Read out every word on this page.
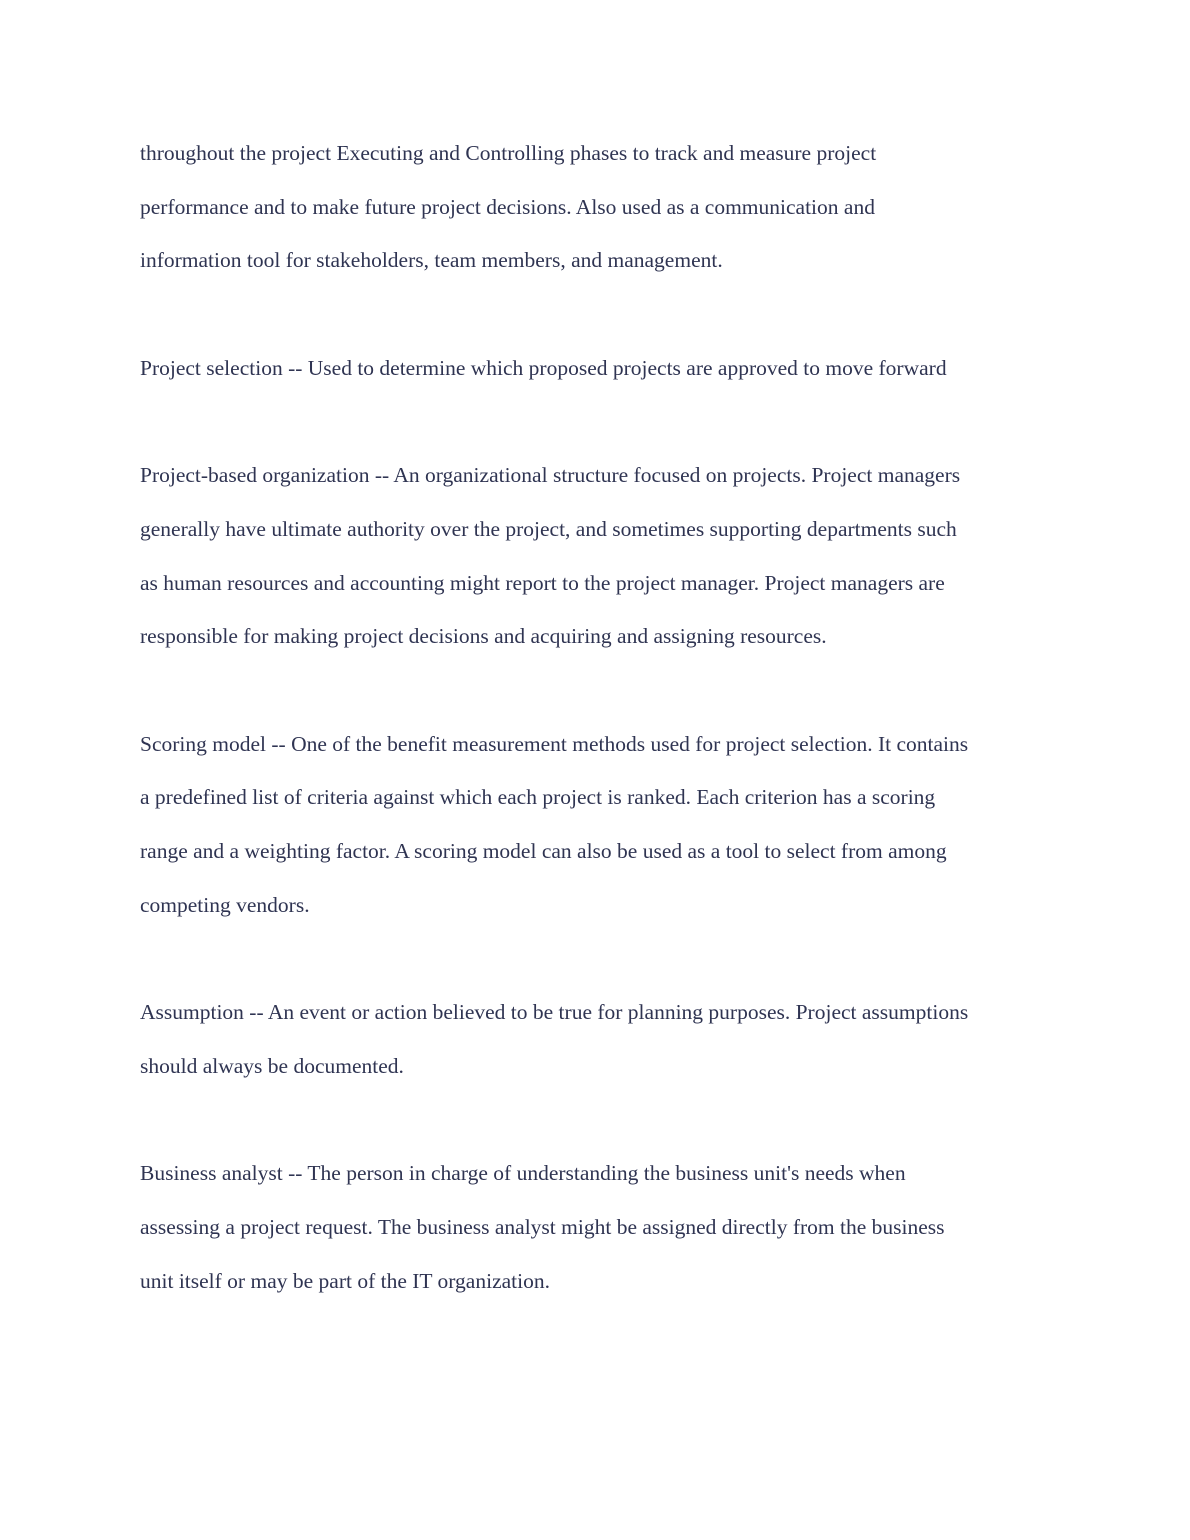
throughout the project Executing and Controlling phases to track and measure project
performance and to make future project decisions. Also used as a communication and
information tool for stakeholders, team members, and management.

Project selection -- Used to determine which proposed projects are approved to move forward

Project-based organization -- An organizational structure focused on projects. Project managers
generally have ultimate authority over the project, and sometimes supporting departments such
as human resources and accounting might report to the project manager. Project managers are
responsible for making project decisions and acquiring and assigning resources.

Scoring model -- One of the benefit measurement methods used for project selection. It contains
a predefined list of criteria against which each project is ranked. Each criterion has a scoring
range and a weighting factor. A scoring model can also be used as a tool to select from among
competing vendors.

Assumption -- An event or action believed to be true for planning purposes. Project assumptions
should always be documented.

Business analyst -- The person in charge of understanding the business unit's needs when
assessing a project request. The business analyst might be assigned directly from the business
unit itself or may be part of the IT organization.
